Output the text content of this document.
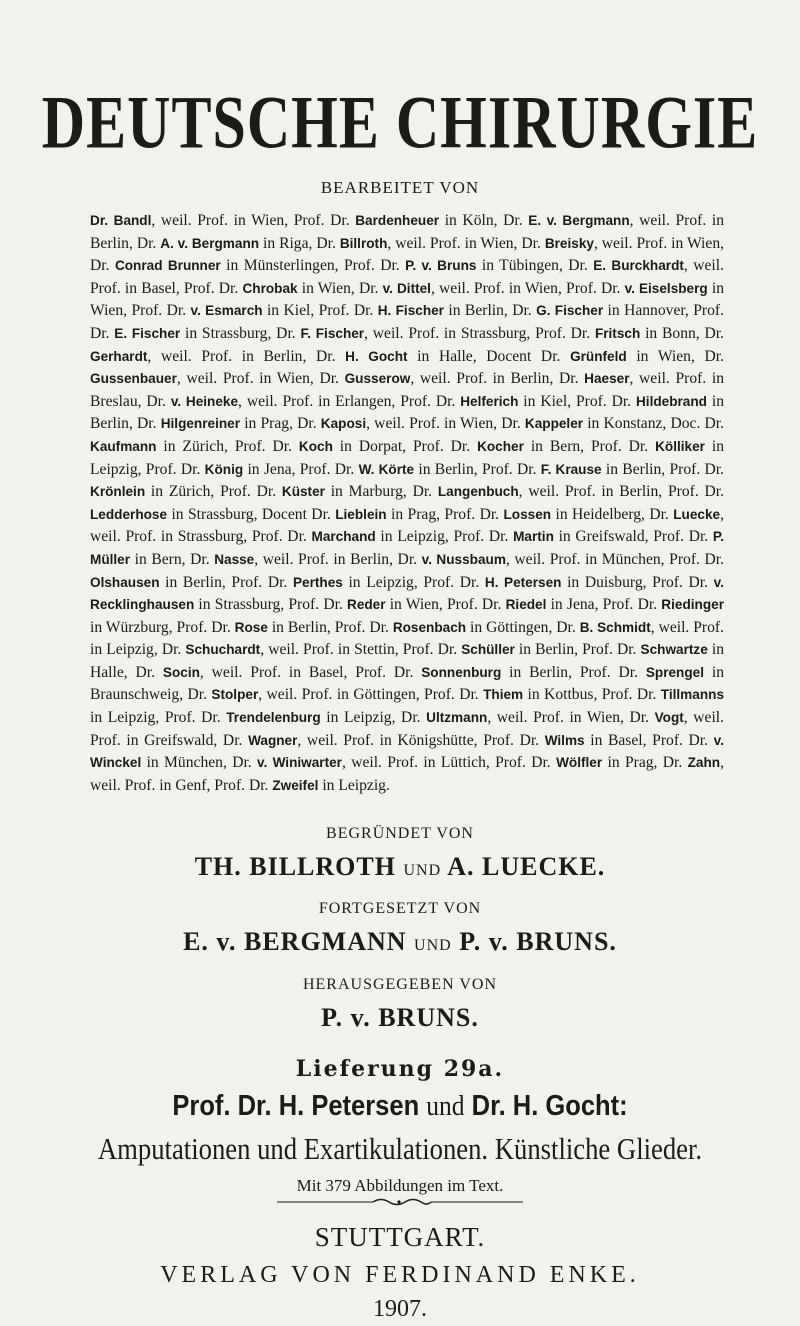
DEUTSCHE CHIRURGIE
BEARBEITET VON
Dr. Bandl, weil. Prof. in Wien, Prof. Dr. Bardenheuer in Köln, Dr. E. v. Bergmann, weil. Prof. in Berlin, Dr. A. v. Bergmann in Riga, Dr. Billroth, weil. Prof. in Wien, Dr. Breisky, weil. Prof. in Wien, Dr. Conrad Brunner in Münsterlingen, Prof. Dr. P. v. Bruns in Tübingen, Dr. E. Burckhardt, weil. Prof. in Basel, Prof. Dr. Chrobak in Wien, Dr. v. Dittel, weil. Prof. in Wien, Prof. Dr. v. Eiselsberg in Wien, Prof. Dr. v. Esmarch in Kiel, Prof. Dr. H. Fischer in Berlin, Dr. G. Fischer in Hannover, Prof. Dr. E. Fischer in Strassburg, Dr. F. Fischer, weil. Prof. in Strassburg, Prof. Dr. Fritsch in Bonn, Dr. Gerhardt, weil. Prof. in Berlin, Dr. H. Gocht in Halle, Docent Dr. Grünfeld in Wien, Dr. Gussenbauer, weil. Prof. in Wien, Dr. Gusserow, weil. Prof. in Berlin, Dr. Haeser, weil. Prof. in Breslau, Dr. v. Heineke, weil. Prof. in Erlangen, Prof. Dr. Helferich in Kiel, Prof. Dr. Hildebrand in Berlin, Dr. Hilgenreiner in Prag, Dr. Kaposi, weil. Prof. in Wien, Dr. Kappeler in Konstanz, Doc. Dr. Kaufmann in Zürich, Prof. Dr. Koch in Dorpat, Prof. Dr. Kocher in Bern, Prof. Dr. Kölliker in Leipzig, Prof. Dr. König in Jena, Prof. Dr. W. Körte in Berlin, Prof. Dr. F. Krause in Berlin, Prof. Dr. Krönlein in Zürich, Prof. Dr. Küster in Marburg, Dr. Langenbuch, weil. Prof. in Berlin, Prof. Dr. Ledderhose in Strassburg, Docent Dr. Lieblein in Prag, Prof. Dr. Lossen in Heidelberg, Dr. Luecke, weil. Prof. in Strassburg, Prof. Dr. Marchand in Leipzig, Prof. Dr. Martin in Greifswald, Prof. Dr. P. Müller in Bern, Dr. Nasse, weil. Prof. in Berlin, Dr. v. Nussbaum, weil. Prof. in München, Prof. Dr. Olshausen in Berlin, Prof. Dr. Perthes in Leipzig, Prof. Dr. H. Petersen in Duisburg, Prof. Dr. v. Recklinghausen in Strassburg, Prof. Dr. Reder in Wien, Prof. Dr. Riedel in Jena, Prof. Dr. Riedinger in Würzburg, Prof. Dr. Rose in Berlin, Prof. Dr. Rosenbach in Göttingen, Dr. B. Schmidt, weil. Prof. in Leipzig, Dr. Schuchardt, weil. Prof. in Stettin, Prof. Dr. Schüller in Berlin, Prof. Dr. Schwartze in Halle, Dr. Socin, weil. Prof. in Basel, Prof. Dr. Sonnenburg in Berlin, Prof. Dr. Sprengel in Braunschweig, Dr. Stolper, weil. Prof. in Göttingen, Prof. Dr. Thiem in Kottbus, Prof. Dr. Tillmanns in Leipzig, Prof. Dr. Trendelenburg in Leipzig, Dr. Ultzmann, weil. Prof. in Wien, Dr. Vogt, weil. Prof. in Greifswald, Dr. Wagner, weil. Prof. in Königshütte, Prof. Dr. Wilms in Basel, Prof. Dr. v. Winckel in München, Dr. v. Winiwarter, weil. Prof. in Lüttich, Prof. Dr. Wölfler in Prag, Dr. Zahn, weil. Prof. in Genf, Prof. Dr. Zweifel in Leipzig.
BEGRÜNDET VON
TH. BILLROTH UND A. LUECKE.
FORTGESETZT VON
E. v. BERGMANN UND P. v. BRUNS.
HERAUSGEGEBEN VON
P. v. BRUNS.
Lieferung 29a.
Prof. Dr. H. Petersen und Dr. H. Gocht:
Amputationen und Exartikulationen. Künstliche Glieder.
Mit 379 Abbildungen im Text.
STUTTGART.
VERLAG VON FERDINAND ENKE.
1907.
